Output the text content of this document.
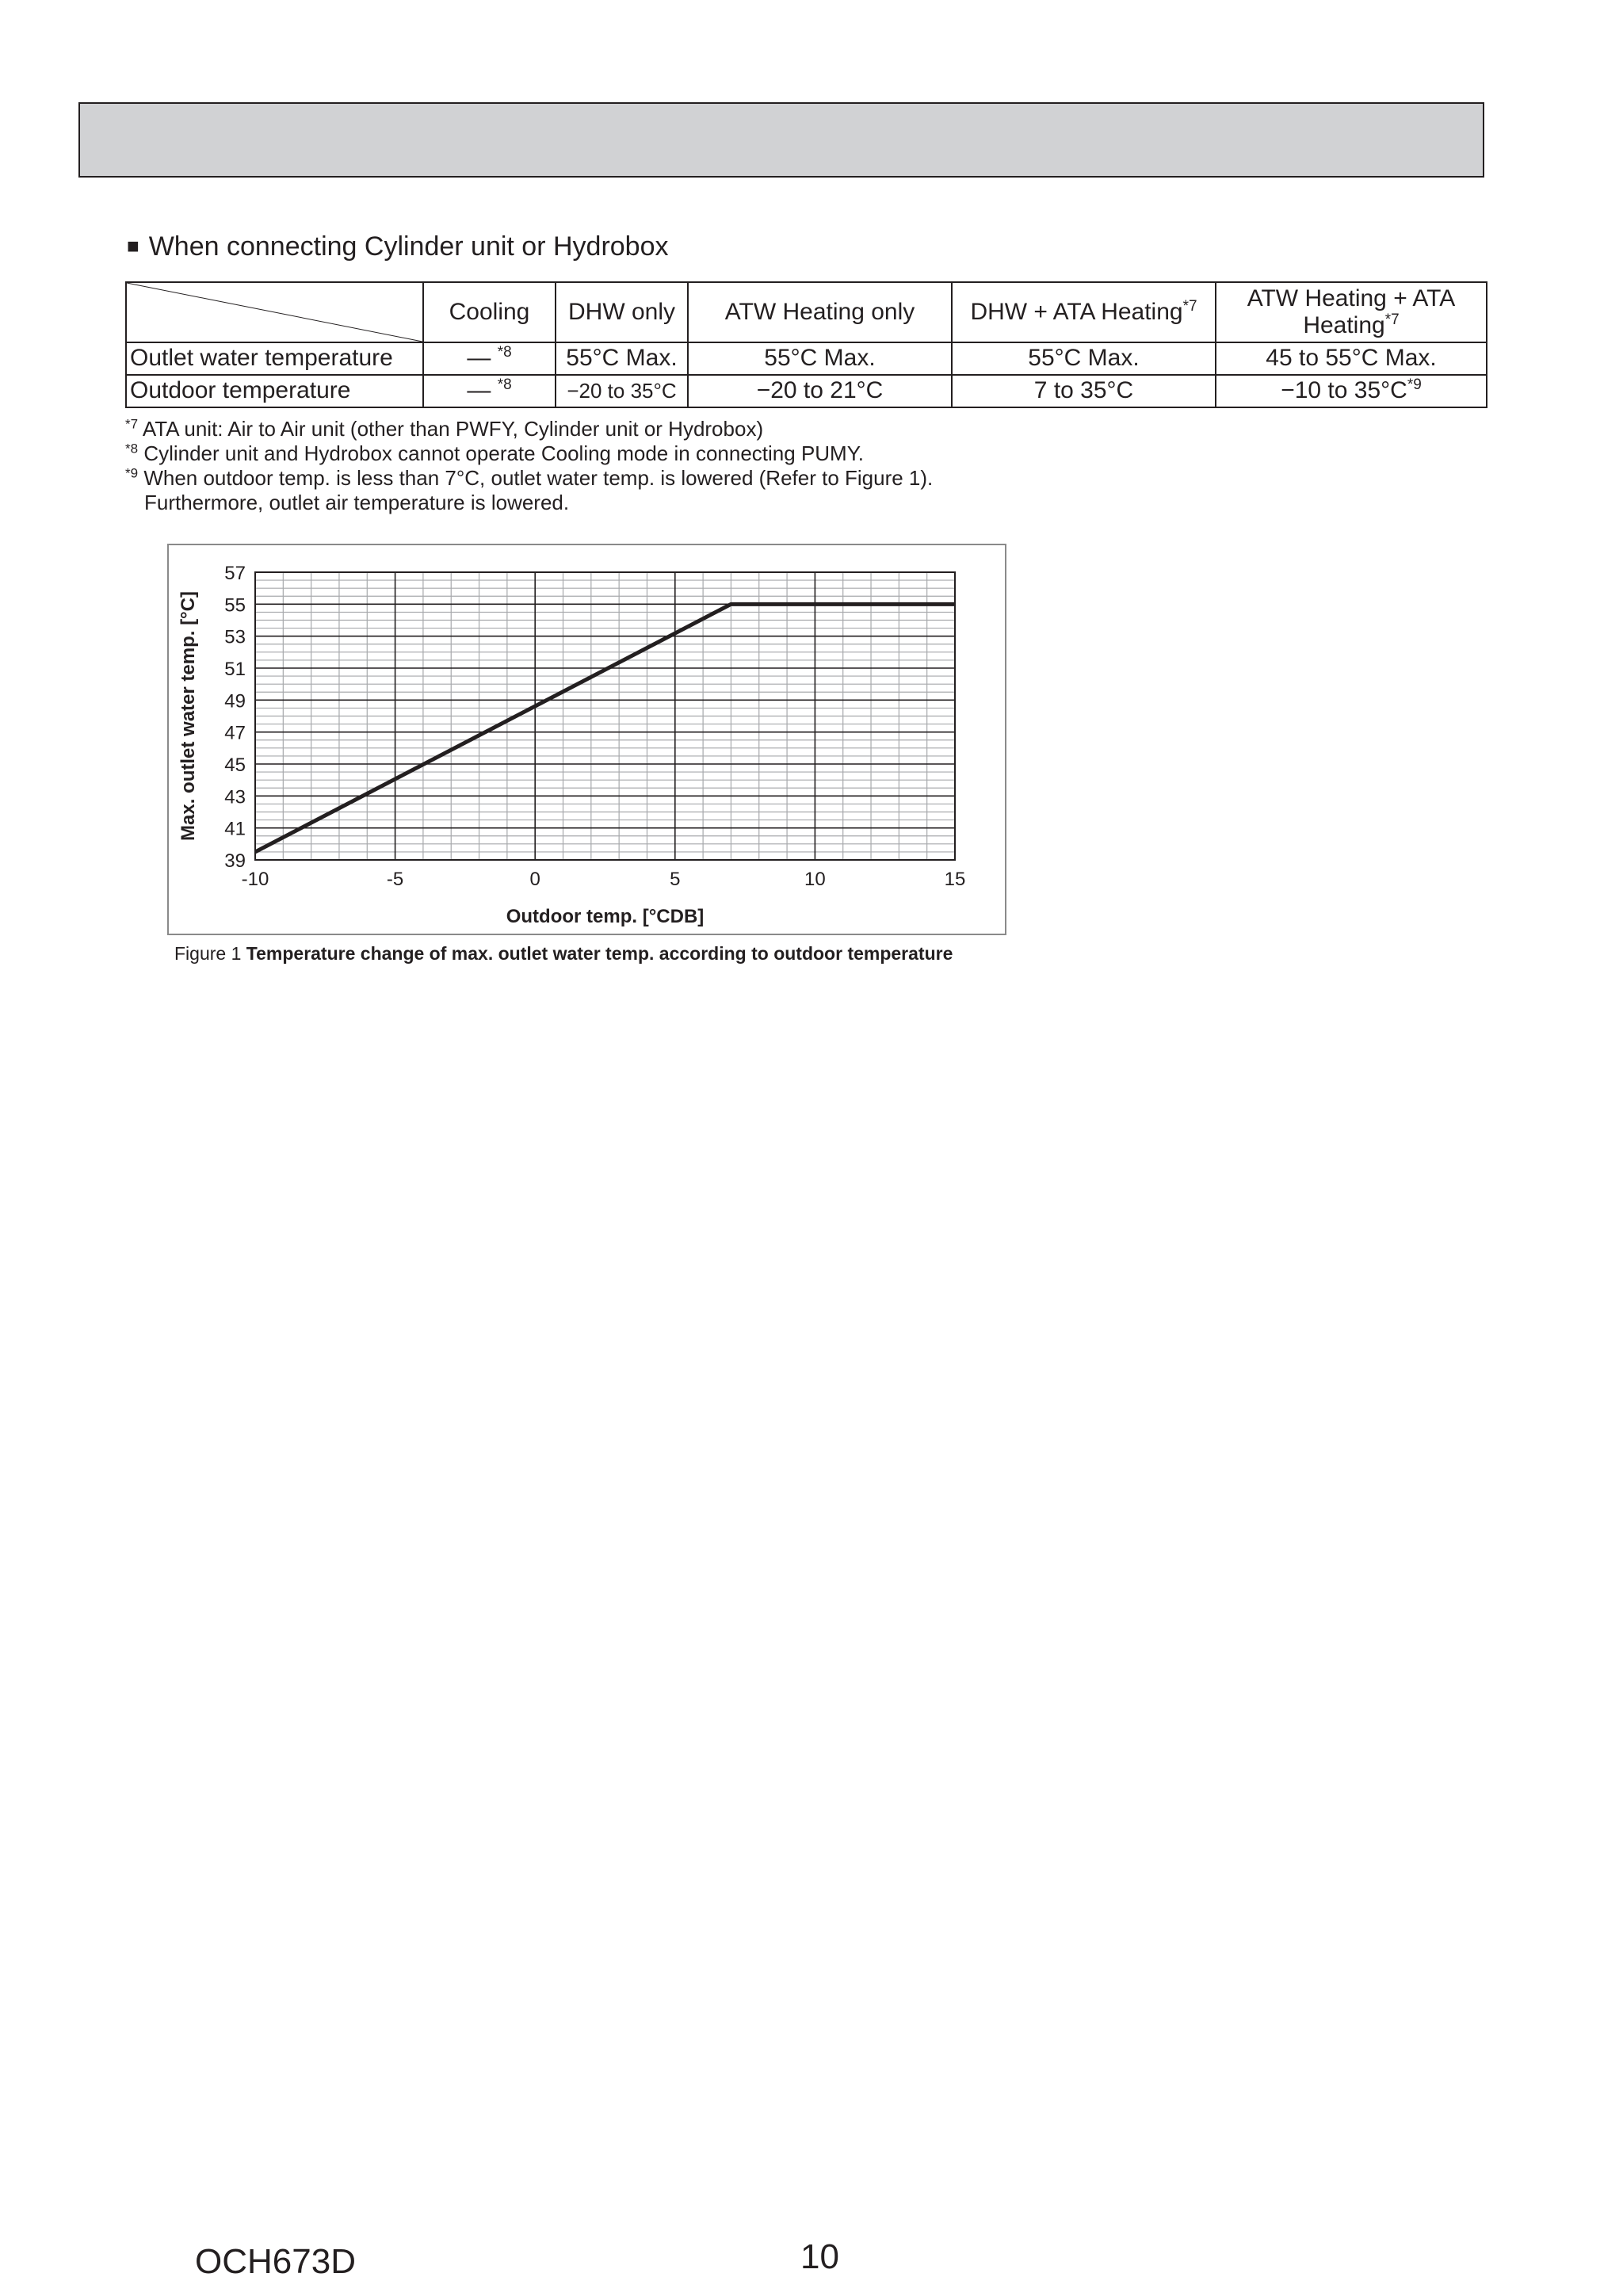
■ When connecting Cylinder unit or Hydrobox
	Cooling	DHW only	ATW Heating only	DHW + ATA Heating$^{*7}$	ATW Heating + ATA Heating$^{*7}$
Outlet water temperature	— $^{*8}$	55°C Max.	55°C Max.	55°C Max.	45 to 55°C Max.
Outdoor temperature	— $^{*8}$	−20 to 35°C	−20 to 21°C	7 to 35°C	−10 to $35^\circ C^{*9}$
$^{*7}$ ATA unit: Air to Air unit (other than PWFY, Cylinder unit or Hydrobox)
$^{*8}$ Cylinder unit and Hydrobox cannot operate Cooling mode in connecting PUMY.
$^{*9}$ When outdoor temp. is less than 7°C, outlet water temp. is lowered (Refer to Figure 1).
Furthermore, outlet air temperature is lowered.
-10	-5	0	5	10	15
39
41
43
45
47
49
51
53
55
57
Outdoor temp. [°CDB]
Max. outlet water temp. [°C]
Figure 1 Temperature change of max. outlet water temp. according to outdoor temperature
OCH673D	10
